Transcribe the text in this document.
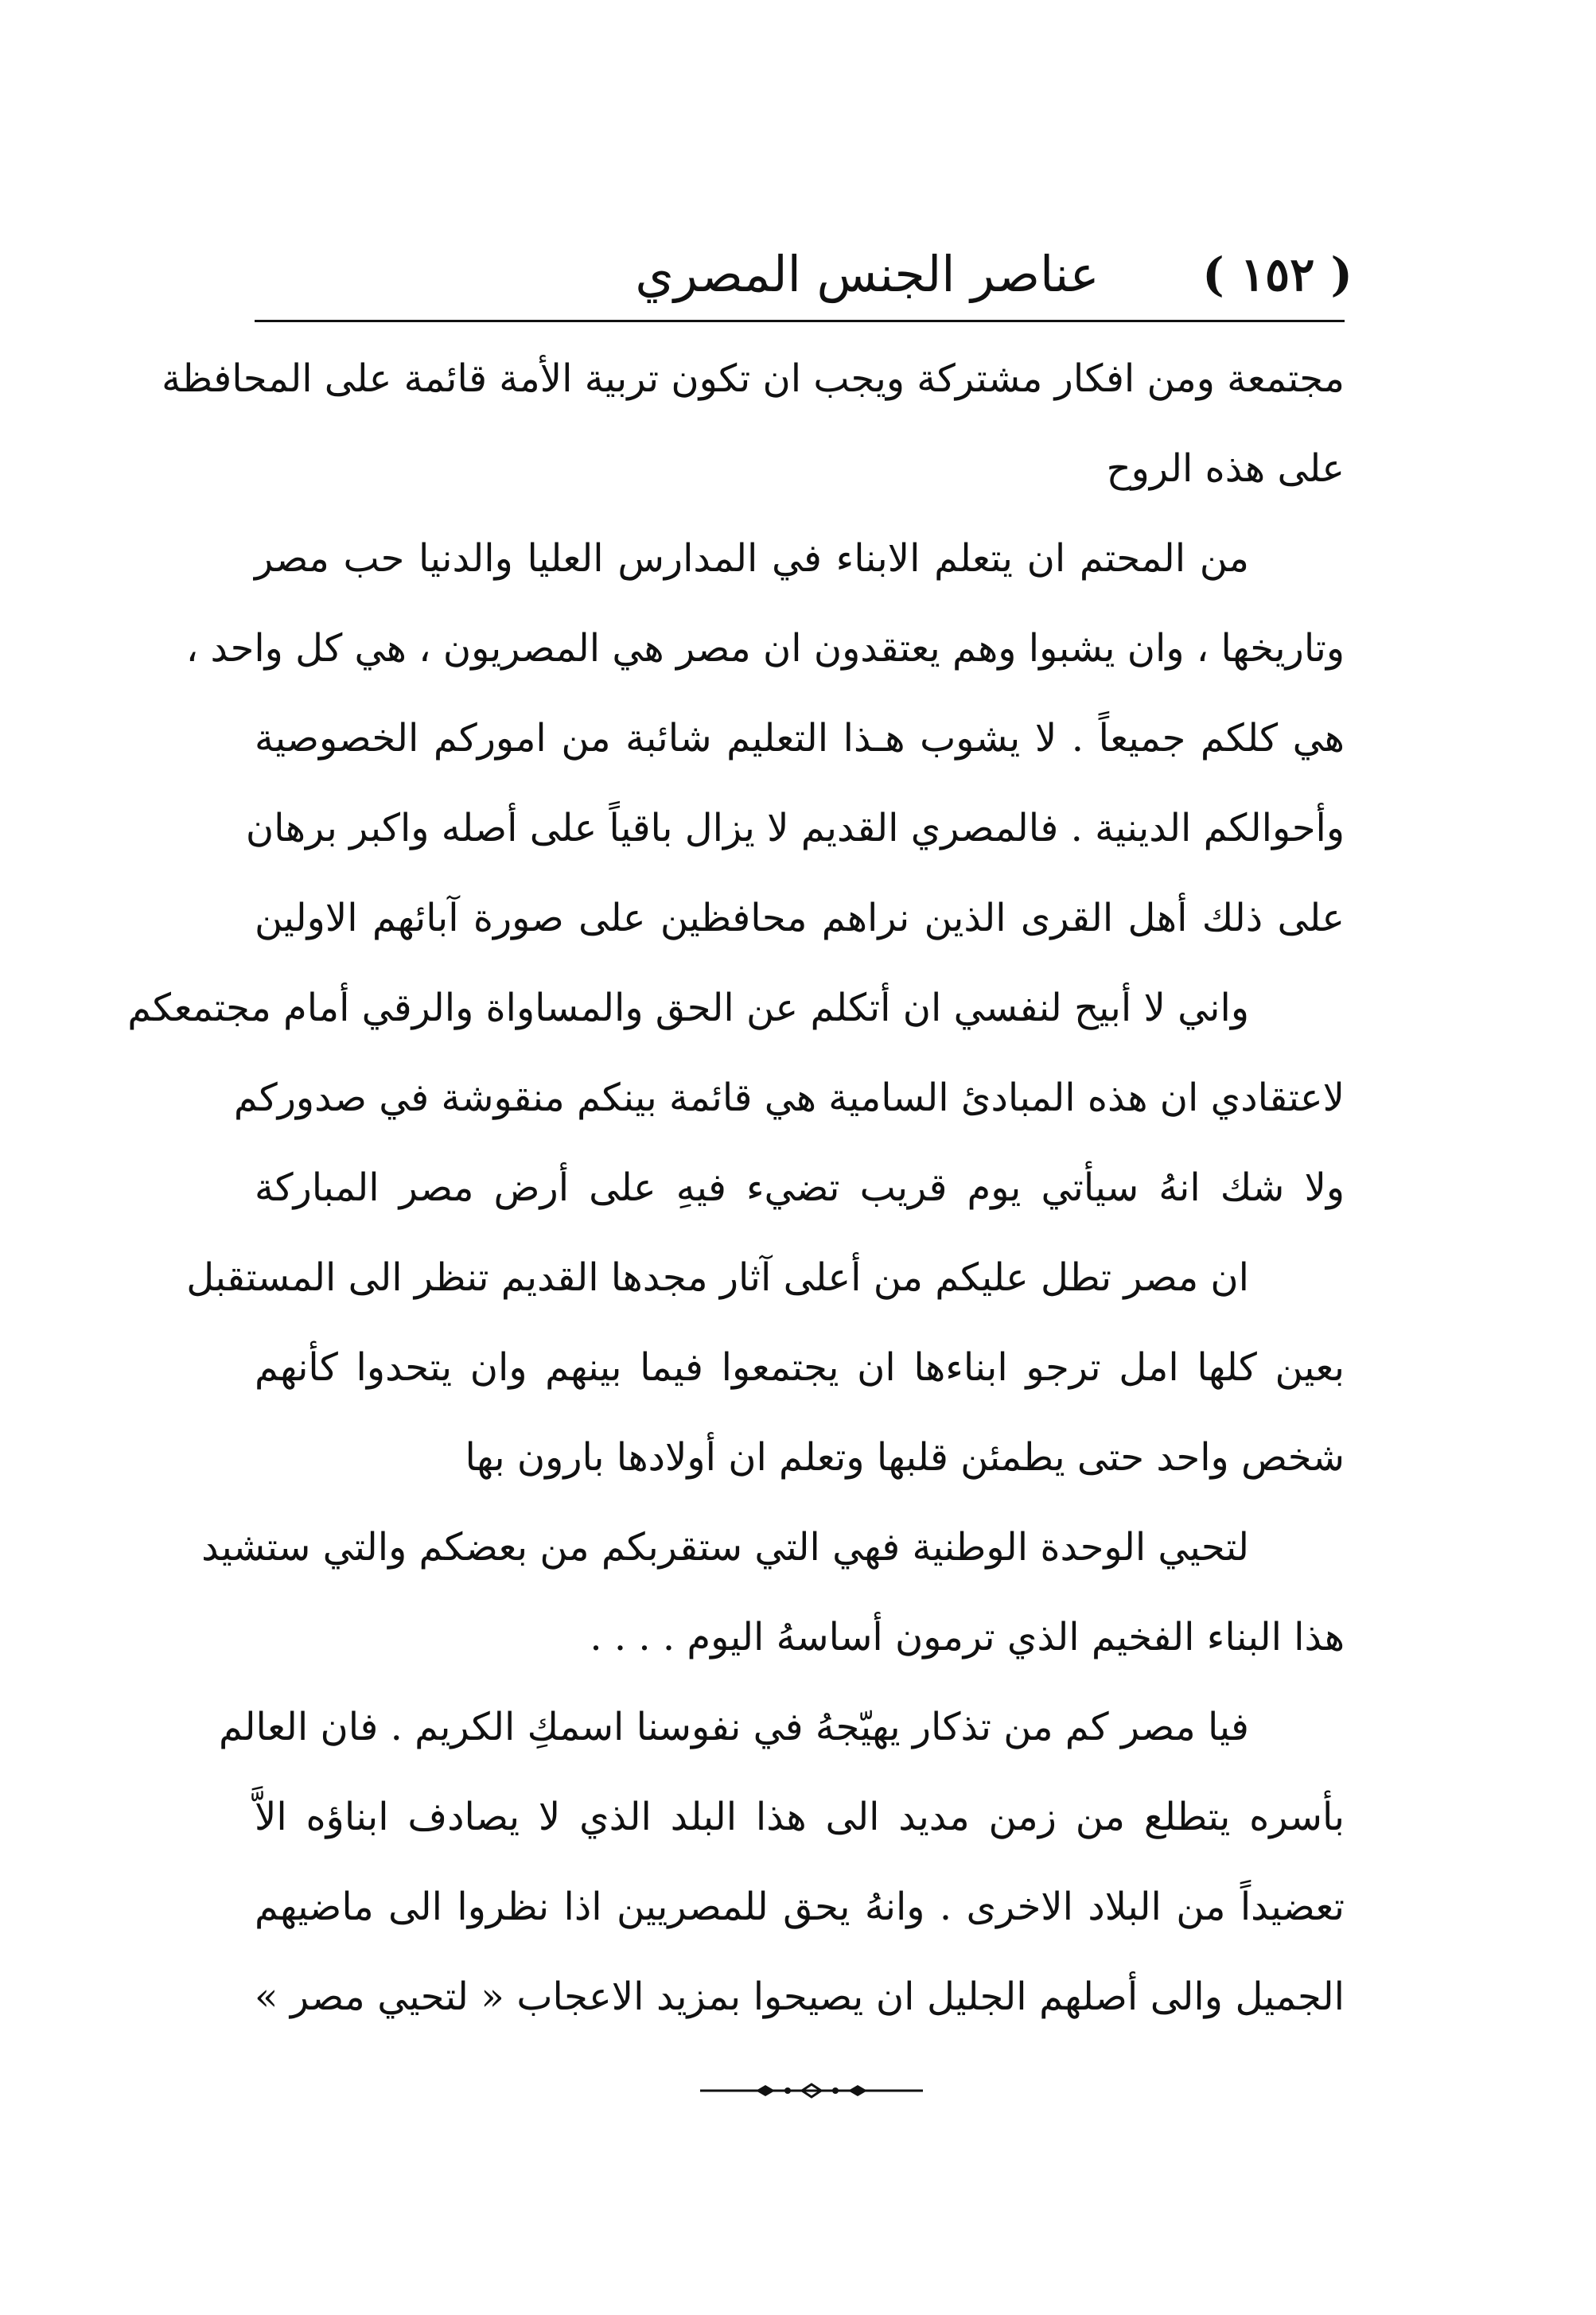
( ١٥٢ )
عناصر الجنس المصري
مجتمعة ومن افكار مشتركة ويجب ان تكون تربية الأمة قائمة على المحافظة
على هذه الروح
من المحتم ان يتعلم الابناء في المدارس العليا والدنيا حب مصر
وتاريخها ، وان يشبوا وهم يعتقدون ان مصر هي المصريون ، هي كل واحد ،
هي كلكم جميعاً . لا يشوب هـذا التعليم شائبة من اموركم الخصوصية
وأحوالكم الدينية . فالمصري القديم لا يزال باقياً على أصله واكبر برهان
على ذلك أهل القرى الذين نراهم محافظين على صورة آبائهم الاولين
واني لا أبيح لنفسي ان أتكلم عن الحق والمساواة والرقي أمام مجتمعكم
لاعتقادي ان هذه المبادئ السامية هي قائمة بينكم منقوشة في صدوركم
ولا شك انهُ سيأتي يوم قريب تضيء فيهِ على أرض مصر المباركة
ان مصر تطل عليكم من أعلى آثار مجدها القديم تنظر الى المستقبل
بعين كلها امل ترجو ابناءها ان يجتمعوا فيما بينهم وان يتحدوا كأنهم
شخص واحد حتى يطمئن قلبها وتعلم ان أولادها بارون بها
لتحيي الوحدة الوطنية فهي التي ستقربكم من بعضكم والتي ستشيد
هذا البناء الفخيم الذي ترمون أساسهُ اليوم . . . .
فيا مصر كم من تذكار يهيّجهُ في نفوسنا اسمكِ الكريم . فان العالم
بأسره يتطلع من زمن مديد الى هذا البلد الذي لا يصادف ابناؤه الاَّ
تعضيداً من البلاد الاخرى . وانهُ يحق للمصريين اذا نظروا الى ماضيهم
الجميل والى أصلهم الجليل ان يصيحوا بمزيد الاعجاب « لتحيي مصر »
